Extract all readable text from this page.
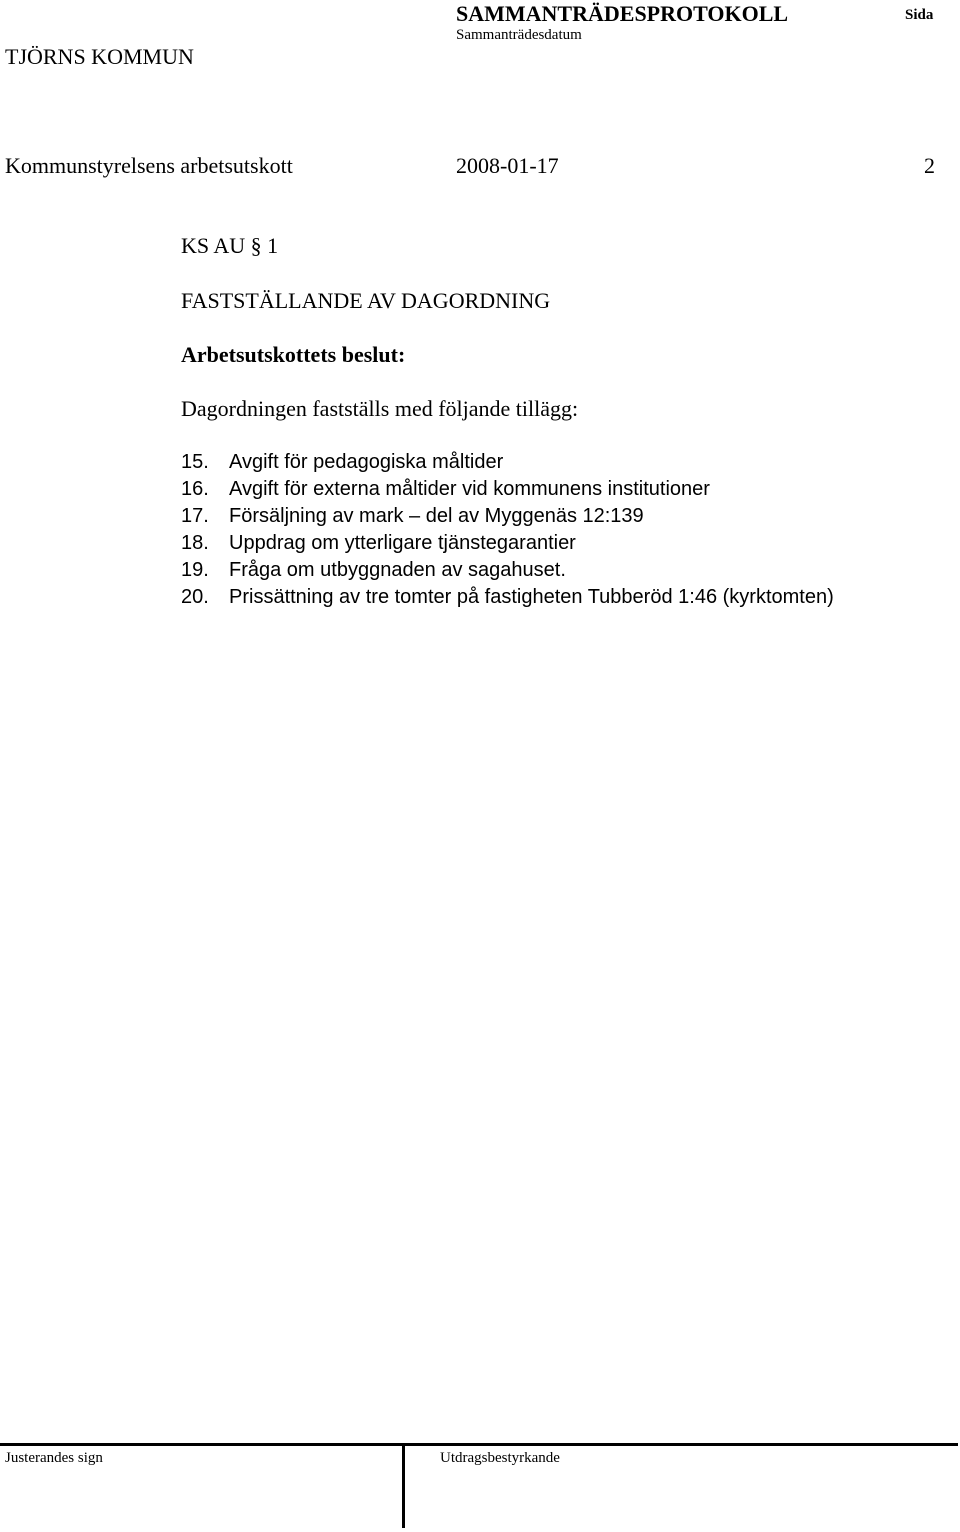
TJÖRNS KOMMUN
SAMMANTRÄDESPROTOKOLL
Sammanträdesdatum
Sida
Kommunstyrelsens arbetsutskott	2008-01-17	2
KS AU § 1
FASTSTÄLLANDE AV DAGORDNING
Arbetsutskottets beslut:
Dagordningen fastställs med följande tillägg:
15.	Avgift för pedagogiska måltider
16.	Avgift för externa måltider vid kommunens institutioner
17.	Försäljning av mark – del av Myggenäs 12:139
18.	Uppdrag om ytterligare tjänstegarantier
19.	Fråga om utbyggnaden av sagahuset.
20.	Prissättning av tre tomter på fastigheten Tubberöd 1:46 (kyrktomten)
Justerandes sign	Utdragsbestyrkande
